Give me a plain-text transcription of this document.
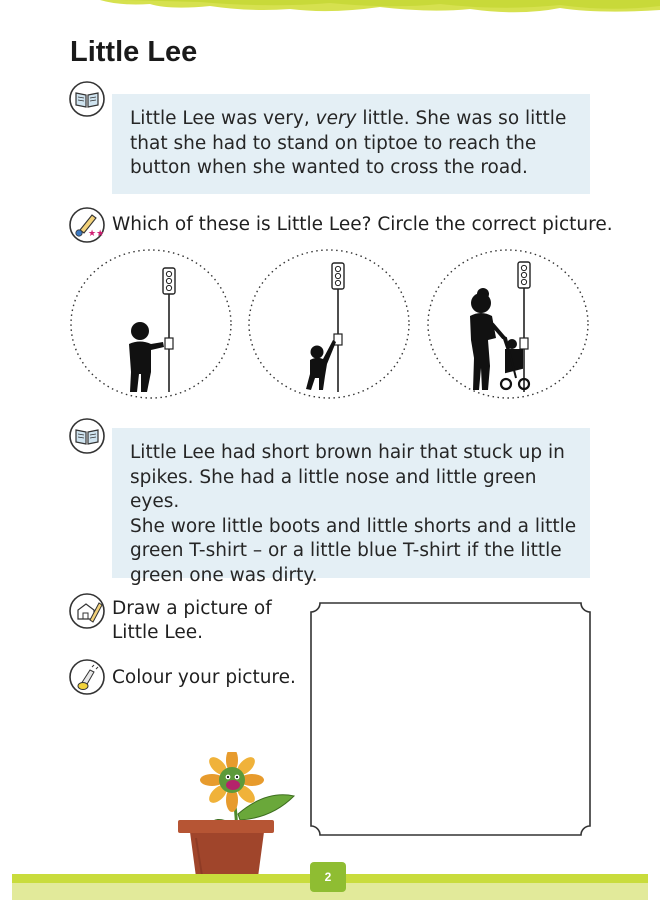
Little Lee
Little Lee was very, very little. She was so little
that she had to stand on tiptoe to reach the
button when she wanted to cross the road.
★★ Which of these is Little Lee? Circle the correct picture.
Little Lee had short brown hair that stuck up in
spikes. She had a little nose and little green eyes.
She wore little boots and little shorts and a little
green T-shirt – or a little blue T-shirt if the little
green one was dirty.
Draw a picture of
Little Lee.
Colour your picture.
2
